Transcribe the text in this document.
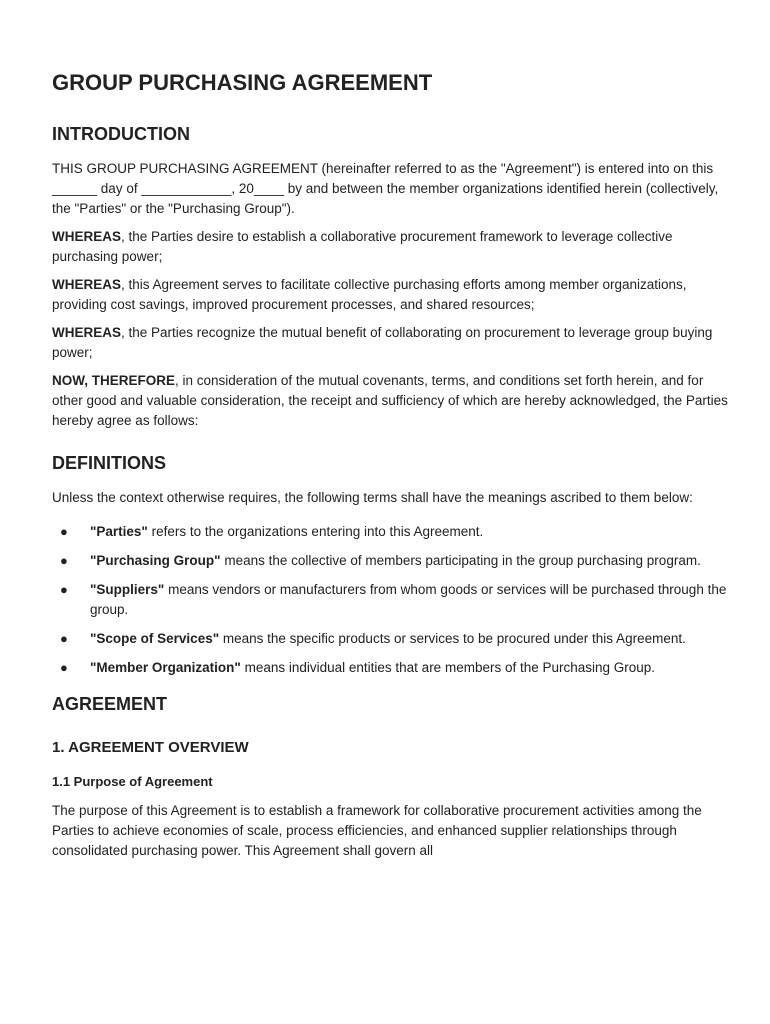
GROUP PURCHASING AGREEMENT
INTRODUCTION

THIS GROUP PURCHASING AGREEMENT (hereinafter referred to as the "Agreement") is entered into on this ______ day of ____________, 20____ by and between the member organizations identified herein (collectively, the "Parties" or the "Purchasing Group").

WHEREAS, the Parties desire to establish a collaborative procurement framework to leverage collective purchasing power;

WHEREAS, this Agreement serves to facilitate collective purchasing efforts among member organizations, providing cost savings, improved procurement processes, and shared resources;

WHEREAS, the Parties recognize the mutual benefit of collaborating on procurement to leverage group buying power;

NOW, THEREFORE, in consideration of the mutual covenants, terms, and conditions set forth herein, and for other good and valuable consideration, the receipt and sufficiency of which are hereby acknowledged, the Parties hereby agree as follows:

DEFINITIONS

Unless the context otherwise requires, the following terms shall have the meanings ascribed to them below:

● "Parties" refers to the organizations entering into this Agreement.
● "Purchasing Group" means the collective of members participating in the group purchasing program.
● "Suppliers" means vendors or manufacturers from whom goods or services will be purchased through the group.
● "Scope of Services" means the specific products or services to be procured under this Agreement.
● "Member Organization" means individual entities that are members of the Purchasing Group.
AGREEMENT
1. AGREEMENT OVERVIEW
1.1 Purpose of Agreement

The purpose of this Agreement is to establish a framework for collaborative procurement activities among the Parties to achieve economies of scale, process efficiencies, and enhanced supplier relationships through consolidated purchasing power. This Agreement shall govern all
